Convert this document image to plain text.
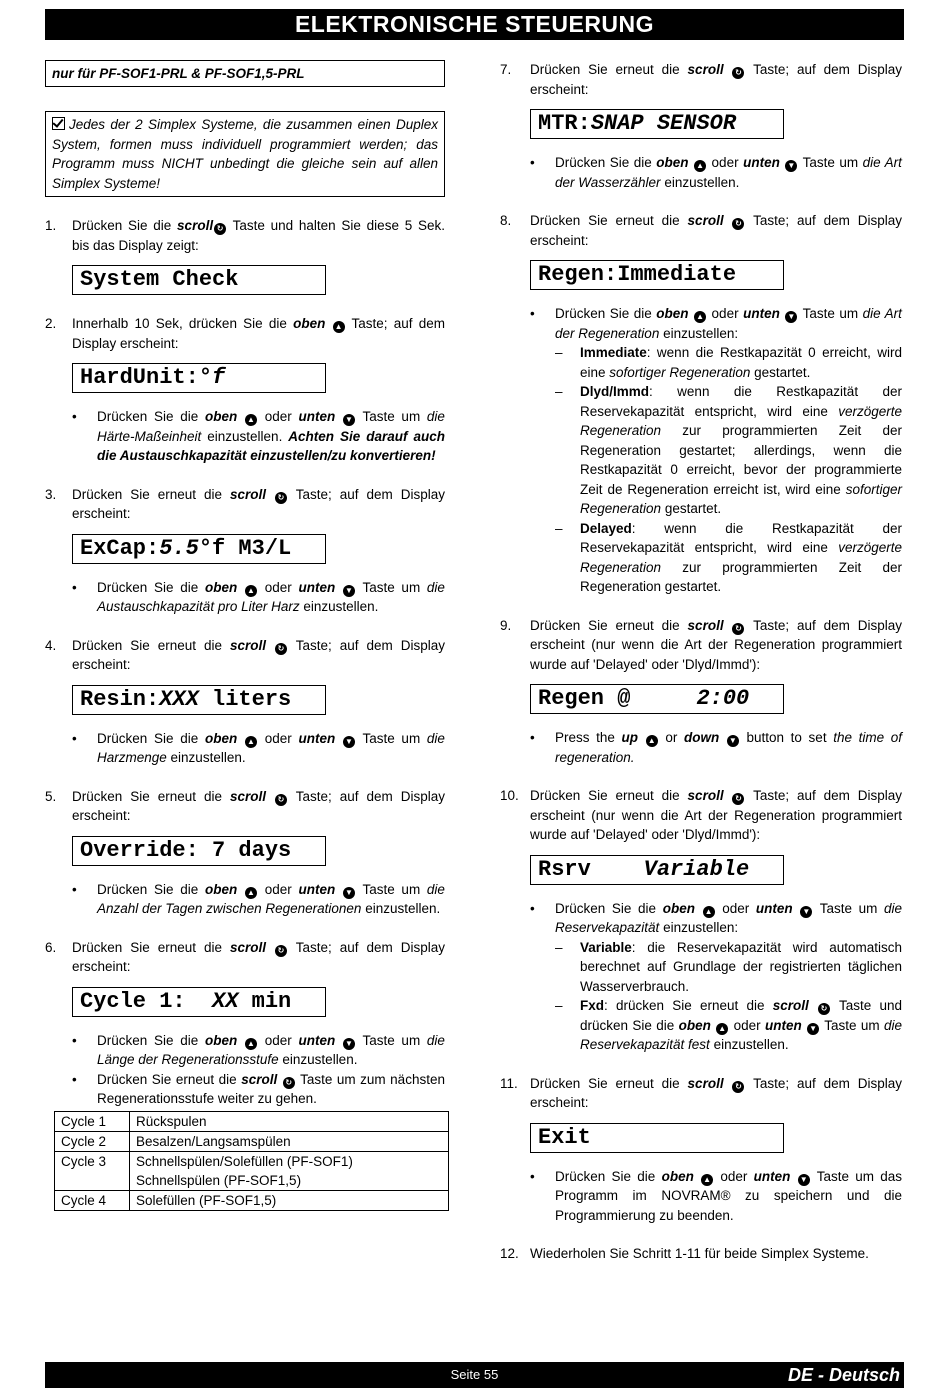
ELEKTRONISCHE STEUERUNG
nur für PF-SOF1-PRL & PF-SOF1,5-PRL
Jedes der 2 Simplex Systeme, die zusammen einen Duplex System, formen muss individuell programmiert werden; das Programm muss NICHT unbedingt die gleiche sein auf allen Simplex Systeme!
1. Drücken Sie die scroll ↻ Taste und halten Sie diese 5 Sek. bis das Display zeigt:
System Check
2. Innerhalb 10 Sek, drücken Sie die oben ▲ Taste; auf dem Display erscheint:
HardUnit:°f
• Drücken Sie die oben ▲ oder unten ▼ Taste um die Härte-Maßeinheit einzustellen. Achten Sie darauf auch die Austauschkapazität einzustellen/zu konvertieren!
3. Drücken Sie erneut die scroll ↻ Taste; auf dem Display erscheint:
ExCap:5.5°f M3/L
• Drücken Sie die oben ▲ oder unten ▼ Taste um die Austauschkapazität pro Liter Harz einzustellen.
4. Drücken Sie erneut die scroll ↻ Taste; auf dem Display erscheint:
Resin:XXX liters
• Drücken Sie die oben ▲ oder unten ▼ Taste um die Harzmenge einzustellen.
5. Drücken Sie erneut die scroll ↻ Taste; auf dem Display erscheint:
Override: 7 days
• Drücken Sie die oben ▲ oder unten ▼ Taste um die Anzahl der Tagen zwischen Regenerationen einzustellen.
6. Drücken Sie erneut die scroll ↻ Taste; auf dem Display erscheint:
Cycle 1:  XX min
• Drücken Sie die oben ▲ oder unten ▼ Taste um die Länge der Regenerationsstufe einzustellen.
• Drücken Sie erneut die scroll ↻ Taste um zum nächsten Regenerationsstufe weiter zu gehen.
Cycle 1	Rückspulen
Cycle 2	Besalzen/Langsamspülen
Cycle 3	Schnellspülen/Solefüllen (PF-SOF1)
Schnellspülen (PF-SOF1,5)
Cycle 4	Solefüllen (PF-SOF1,5)
7. Drücken Sie erneut die scroll ↻ Taste; auf dem Display erscheint:
MTR:SNAP SENSOR
• Drücken Sie die oben ▲ oder unten ▼ Taste um die Art der Wasserzähler einzustellen.
8. Drücken Sie erneut die scroll ↻ Taste; auf dem Display erscheint:
Regen:Immediate
• Drücken Sie die oben ▲ oder unten ▼ Taste um die Art der Regeneration einzustellen:
– Immediate: wenn die Restkapazität 0 erreicht, wird eine sofortiger Regeneration gestartet.
– Dlyd/Immd: wenn die Restkapazität der Reservekapazität entspricht, wird eine verzögerte Regeneration zur programmierten Zeit der Regeneration gestartet; allerdings, wenn die Restkapazität 0 erreicht, bevor der programmierte Zeit de Regeneration erreicht ist, wird eine sofortiger Regeneration gestartet.
– Delayed: wenn die Restkapazität der Reservekapazität entspricht, wird eine verzögerte Regeneration zur programmierten Zeit der Regeneration gestartet.
9. Drücken Sie erneut die scroll ↻ Taste; auf dem Display erscheint (nur wenn die Art der Regeneration programmiert wurde auf 'Delayed' oder 'Dlyd/Immd'):
Regen @     2:00
• Press the up ▲ or down ▼ button to set the time of regeneration.
10. Drücken Sie erneut die scroll ↻ Taste; auf dem Display erscheint (nur wenn die Art der Regeneration programmiert wurde auf 'Delayed' oder 'Dlyd/Immd'):
Rsrv    Variable
• Drücken Sie die oben ▲ oder unten ▼ Taste um die Reservekapazität einzustellen:
– Variable: die Reservekapazität wird automatisch berechnet auf Grundlage der registrierten täglichen Wasserverbrauch.
– Fxd: drücken Sie erneut die scroll ↻ Taste und drücken Sie die oben ▲ oder unten ▼ Taste um die Reservekapazität fest einzustellen.
11. Drücken Sie erneut die scroll ↻ Taste; auf dem Display erscheint:
Exit
• Drücken Sie die oben ▲ oder unten ▼ Taste um das Programm im NOVRAM® zu speichern und die Programmierung zu beenden.
12. Wiederholen Sie Schritt 1-11 für beide Simplex Systeme.
Seite 55	DE - Deutsch
